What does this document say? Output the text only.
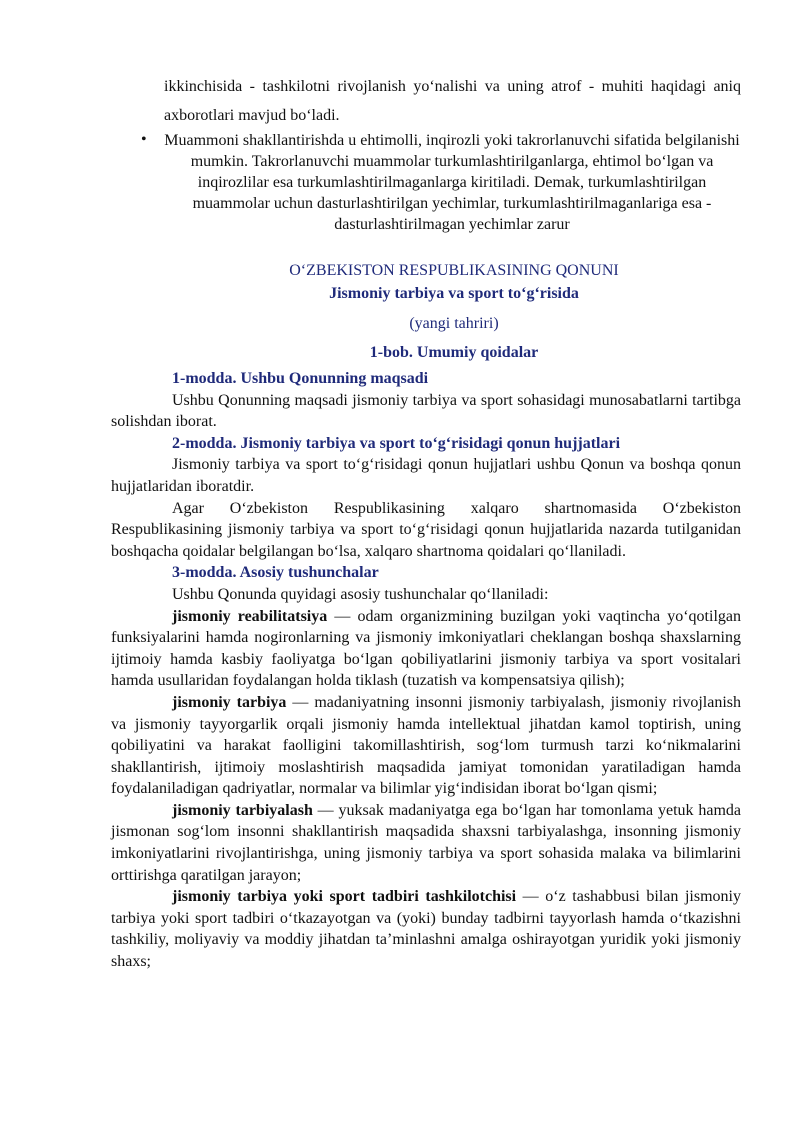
ikkinchisida - tashkilotni rivojlanish yoʻnalishi va uning atrof - muhiti haqidagi aniq axborotlari mavjud boʻladi.
• Muammoni shakllantirishda u ehtimolli, inqirozli yoki takrorlanuvchi sifatida belgilanishi mumkin. Takrorlanuvchi muammolar turkumlashtirilganlarga, ehtimol boʻlgan va inqirozlilar esa turkumlashtirilmaganlarga kiritiladi. Demak, turkumlashtirilgan muammolar uchun dasturlashtirilgan yechimlar, turkumlashtirilmaganlariga esa - dasturlashtirilmagan yechimlar zarur
OʻZBEKISTON RESPUBLIKASINING QONUNI
Jismoniy tarbiya va sport toʻgʻrisida
(yangi tahriri)
1-bob. Umumiy qoidalar

1-modda. Ushbu Qonunning maqsadi

Ushbu Qonunning maqsadi jismoniy tarbiya va sport sohasidagi munosabatlarni tartibga solishdan iborat.

2-modda. Jismoniy tarbiya va sport toʻgʻrisidagi qonun hujjatlari

Jismoniy tarbiya va sport toʻgʻrisidagi qonun hujjatlari ushbu Qonun va boshqa qonun hujjatlaridan iboratdir.

Agar Oʻzbekiston Respublikasining xalqaro shartnomasida Oʻzbekiston Respublikasining jismoniy tarbiya va sport toʻgʻrisidagi qonun hujjatlarida nazarda tutilganidan boshqacha qoidalar belgilangan boʻlsa, xalqaro shartnoma qoidalari qoʻllaniladi.

3-modda. Asosiy tushunchalar

Ushbu Qonunda quyidagi asosiy tushunchalar qoʻllaniladi:

jismoniy reabilitatsiya — odam organizmining buzilgan yoki vaqtincha yoʻqotilgan funksiyalarini hamda nogironlarning va jismoniy imkoniyatlari cheklangan boshqa shaxslarning ijtimoiy hamda kasbiy faoliyatga boʻlgan qobiliyatlarini jismoniy tarbiya va sport vositalari hamda usullaridan foydalangan holda tiklash (tuzatish va kompensatsiya qilish);

jismoniy tarbiya — madaniyatning insonni jismoniy tarbiyalash, jismoniy rivojlanish va jismoniy tayyorgarlik orqali jismoniy hamda intellektual jihatdan kamol toptirish, uning qobiliyatini va harakat faolligini takomillashtirish, sogʻlom turmush tarzi koʻnikmalarini shakllantirish, ijtimoiy moslashtirish maqsadida jamiyat tomonidan yaratiladigan hamda foydalaniladigan qadriyatlar, normalar va bilimlar yigʻindisidan iborat boʻlgan qismi;

jismoniy tarbiyalash — yuksak madaniyatga ega boʻlgan har tomonlama yetuk hamda jismonan sogʻlom insonni shakllantirish maqsadida shaxsni tarbiyalashga, insonning jismoniy imkoniyatlarini rivojlantirishga, uning jismoniy tarbiya va sport sohasida malaka va bilimlarini orttirishga qaratilgan jarayon;

jismoniy tarbiya yoki sport tadbiri tashkilotchisi — oʻz tashabbusi bilan jismoniy tarbiya yoki sport tadbiri oʻtkazayotgan va (yoki) bunday tadbirni tayyorlash hamda oʻtkazishni tashkiliy, moliyaviy va moddiy jihatdan taʼminlashni amalga oshirayotgan yuridik yoki jismoniy shaxs;
